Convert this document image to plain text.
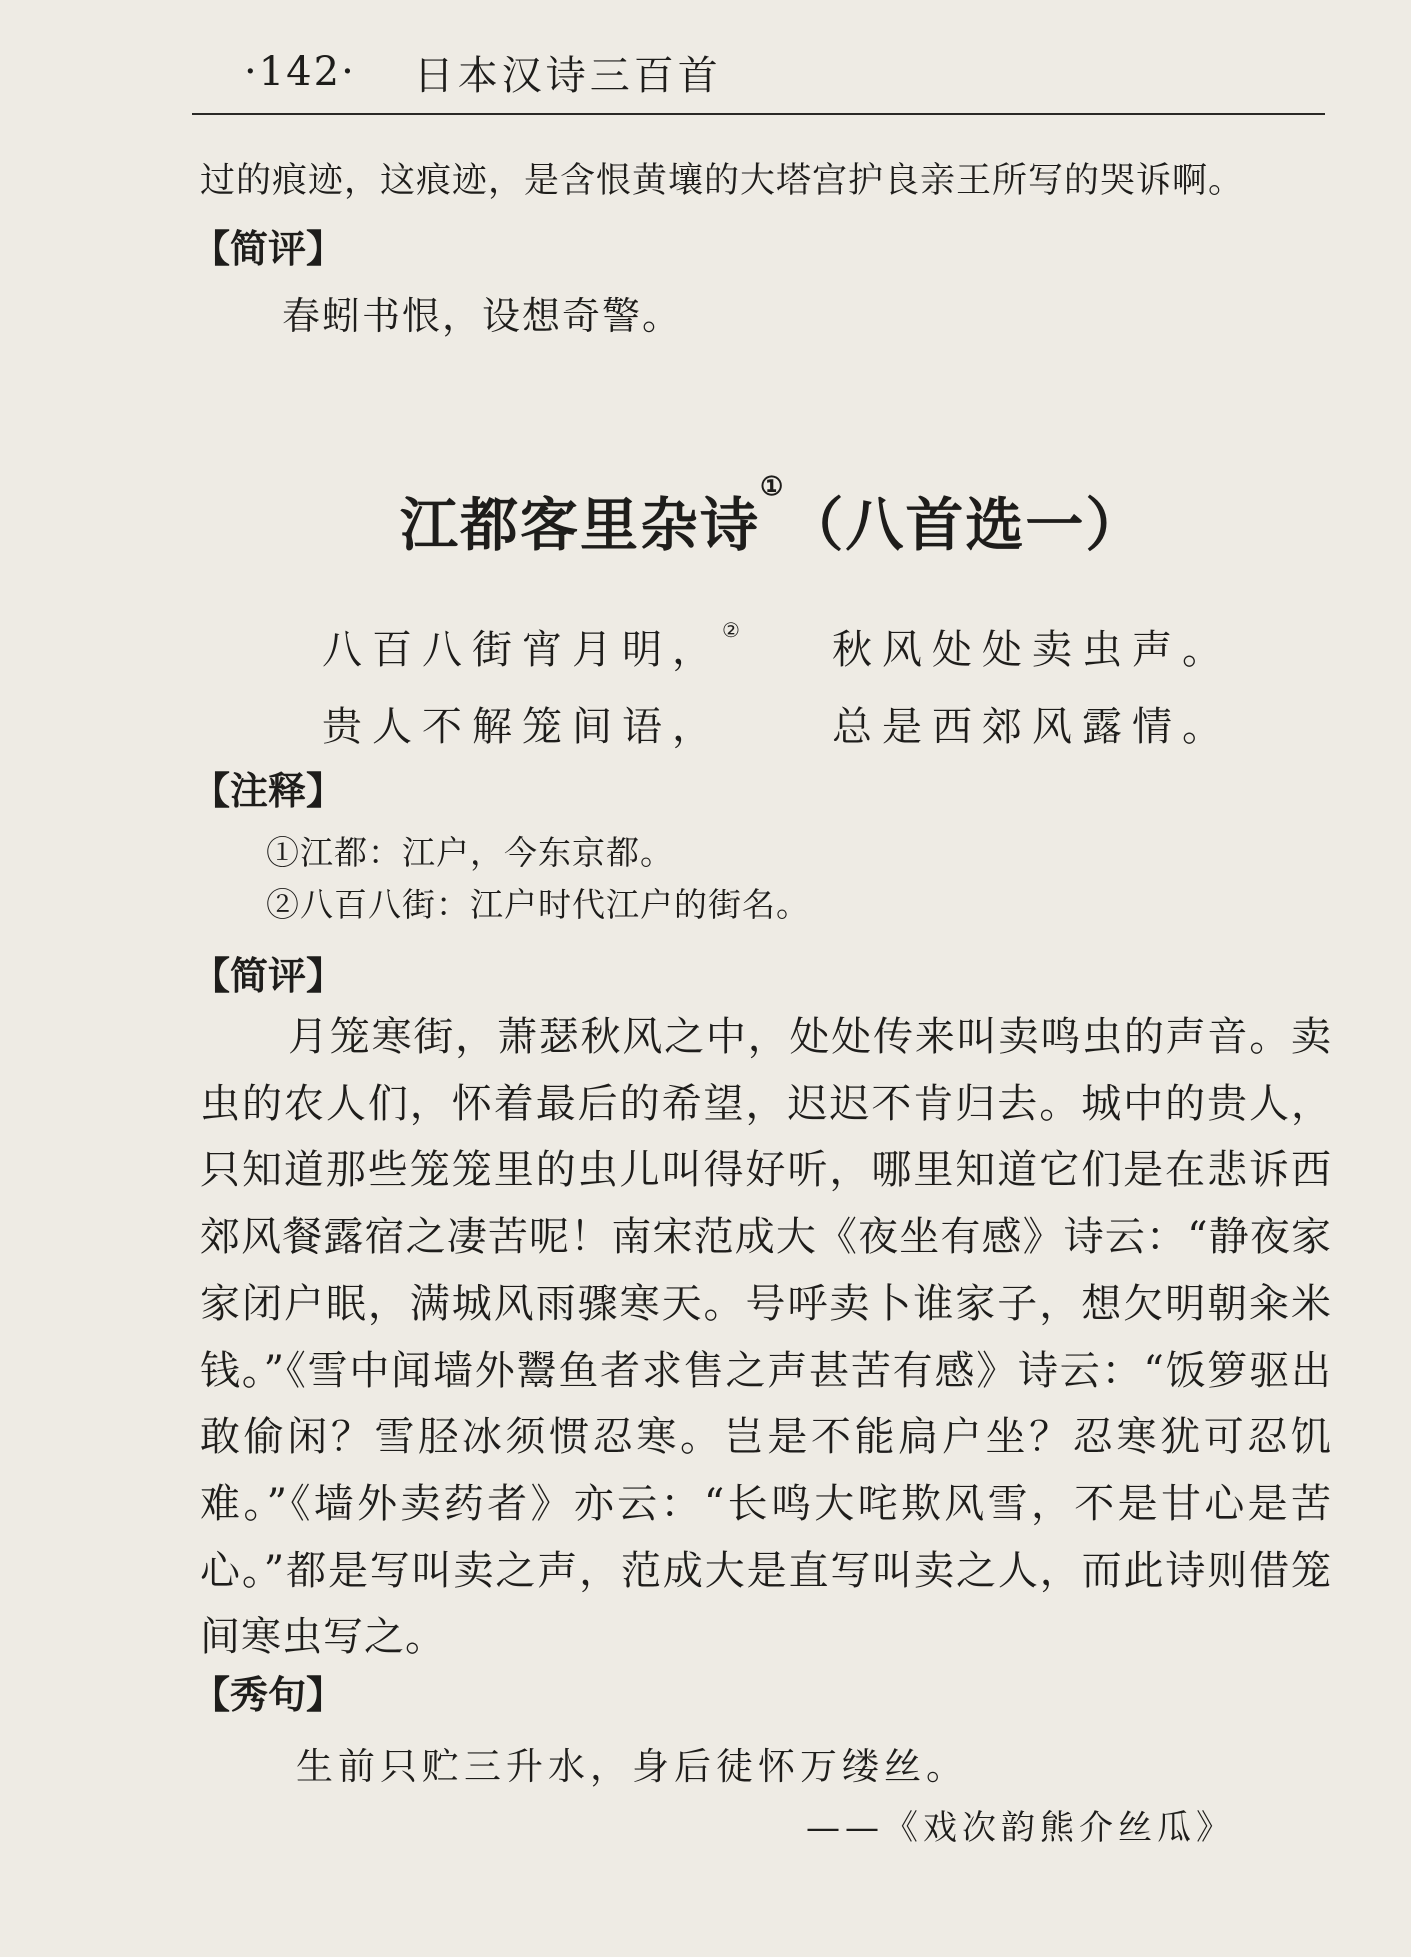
·142· 日本汉诗三百首

过的痕迹，这痕迹，是含恨黄壤的大塔宫护良亲王所写的哭诉啊。

【简评】

春蚓书恨，设想奇警。

江都客里杂诗①（八首选一）

八百八街宵月明，② 秋风处处卖虫声。

贵人不解笼间语，	总是西郊风露情。

【注释】

①江都：江户，今东京都。

②八百八街：江户时代江户的街名。

【简评】

月笼寒街，萧瑟秋风之中，处处传来叫卖鸣虫的声音。卖虫的农人们，怀着最后的希望，迟迟不肯归去。城中的贵人，只知道那些笼笼里的虫儿叫得好听，哪里知道它们是在悲诉西郊风餐露宿之凄苦呢！南宋范成大《夜坐有感》诗云：“静夜家家闭户眠，满城风雨骤寒天。号呼卖卜谁家子，想欠明朝籴米钱。”《雪中闻墙外鬻鱼者求售之声甚苦有感》诗云：“饭箩驱出敢偷闲？雪胫冰须惯忍寒。岂是不能扃户坐？忍寒犹可忍饥难。”《墙外卖药者》亦云：“长鸣大咤欺风雪，不是甘心是苦心。”都是写叫卖之声，范成大是直写叫卖之人，而此诗则借笼间寒虫写之。

【秀句】

生前只贮三升水，身后徒怀万缕丝。

——《戏次韵熊介丝瓜》
